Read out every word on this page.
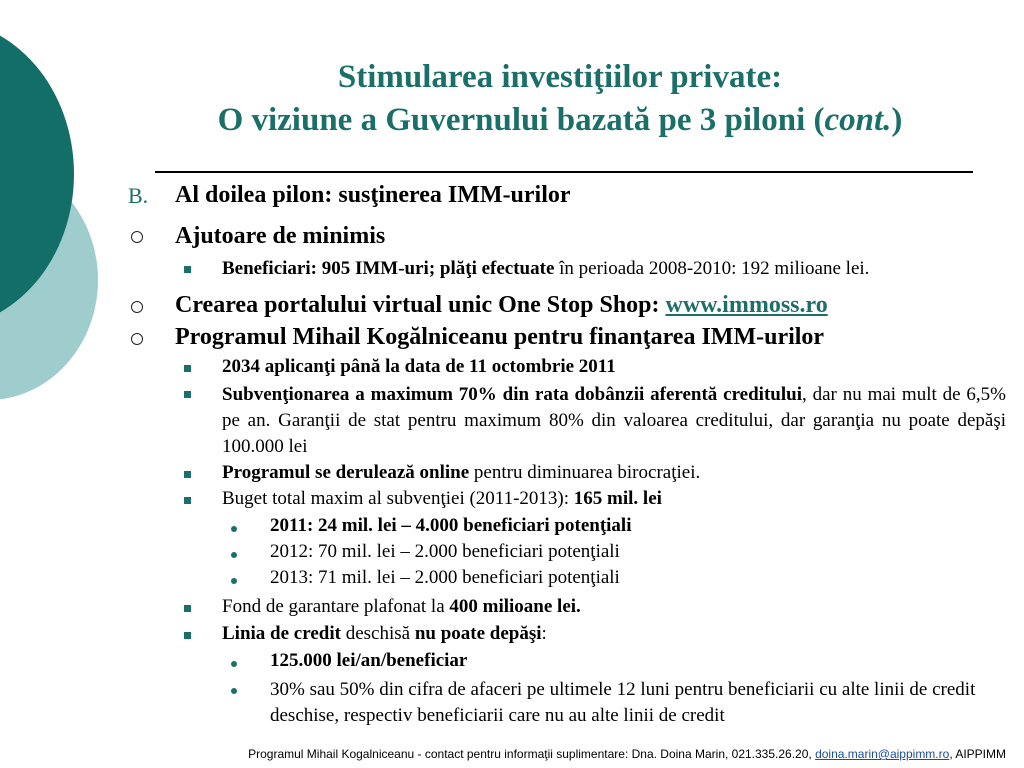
Stimularea investiţiilor private:
O viziune a Guvernului bazată pe 3 piloni (cont.)
B. Al doilea pilon: susţinerea IMM-urilor
Ajutoare de minimis
Beneficiari: 905 IMM-uri; plăţi efectuate în perioada 2008-2010: 192 milioane lei.
Crearea portalului virtual unic One Stop Shop: www.immoss.ro
Programul Mihail Kogălniceanu pentru finanţarea IMM-urilor
2034 aplicanţi până la data de 11 octombrie 2011
Subvenţionarea a maximum 70% din rata dobânzii aferentă creditului, dar nu mai mult de 6,5% pe an. Garanţii de stat pentru maximum 80% din valoarea creditului, dar garanţia nu poate depăşi 100.000 lei
Programul se derulează online pentru diminuarea birocraţiei.
Buget total maxim al subvenţiei (2011-2013): 165 mil. lei
2011: 24 mil. lei – 4.000 beneficiari potenţiali
2012: 70 mil. lei – 2.000 beneficiari potenţiali
2013: 71 mil. lei – 2.000 beneficiari potenţiali
Fond de garantare plafonat la 400 milioane lei.
Linia de credit deschisă nu poate depăşi:
125.000 lei/an/beneficiar
30% sau 50% din cifra de afaceri pe ultimele 12 luni pentru beneficiarii cu alte linii de credit deschise, respectiv beneficiarii care nu au alte linii de credit
Programul Mihail Kogalniceanu - contact pentru informaţii suplimentare: Dna. Doina Marin, 021.335.26.20, doina.marin@aippimm.ro, AIPPIMM
